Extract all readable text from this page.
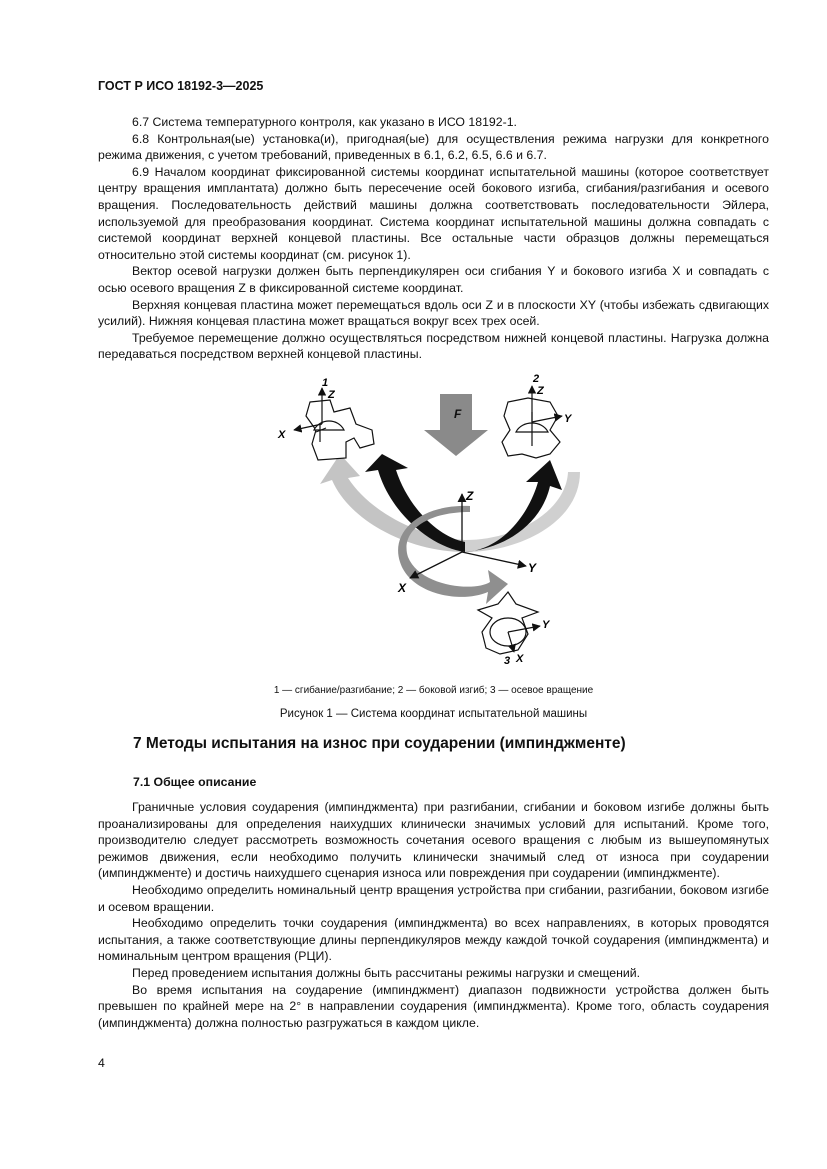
ГОСТ Р ИСО 18192-3—2025

6.7 Система температурного контроля, как указано в ИСО 18192-1.

6.8 Контрольная(ые) установка(и), пригодная(ые) для осуществления режима нагрузки для конкретного режима движения, с учетом требований, приведенных в 6.1, 6.2, 6.5, 6.6 и 6.7.

6.9 Началом координат фиксированной системы координат испытательной машины (которое соответствует центру вращения имплантата) должно быть пересечение осей бокового изгиба, сгибания/разгибания и осевого вращения. Последовательность действий машины должна соответствовать последовательности Эйлера, используемой для преобразования координат. Система координат испытательной машины должна совпадать с системой координат верхней концевой пластины. Все остальные части образцов должны перемещаться относительно этой системы координат (см. рисунок 1).

Вектор осевой нагрузки должен быть перпендикулярен оси сгибания Y и бокового изгиба X и совпадать с осью осевого вращения Z в фиксированной системе координат.

Верхняя концевая пластина может перемещаться вдоль оси Z и в плоскости XY (чтобы избежать сдвигающих усилий). Нижняя концевая пластина может вращаться вокруг всех трех осей.

Требуемое перемещение должно осуществляться посредством нижней концевой пластины. Нагрузка должна передаваться посредством верхней концевой пластины.

F
Z
Y
X
1
Z
X
2
Z
Y
Y
X
3
1 — сгибание/разгибание; 2 — боковой изгиб; 3 — осевое вращение
Рисунок 1 — Система координат испытательной машины
7 Методы испытания на износ при соударении (импинджменте)
7.1 Общее описание

Граничные условия соударения (импинджмента) при разгибании, сгибании и боковом изгибе должны быть проанализированы для определения наихудших клинически значимых условий для испытаний. Кроме того, производителю следует рассмотреть возможность сочетания осевого вращения с любым из вышеупомянутых режимов движения, если необходимо получить клинически значимый след от износа при соударении (импинджменте) и достичь наихудшего сценария износа или повреждения при соударении (импинджменте).

Необходимо определить номинальный центр вращения устройства при сгибании, разгибании, боковом изгибе и осевом вращении.

Необходимо определить точки соударения (импинджмента) во всех направлениях, в которых проводятся испытания, а также соответствующие длины перпендикуляров между каждой точкой соударения (импинджмента) и номинальным центром вращения (РЦИ).

Перед проведением испытания должны быть рассчитаны режимы нагрузки и смещений.

Во время испытания на соударение (импинджмент) диапазон подвижности устройства должен быть превышен по крайней мере на 2° в направлении соударения (импинджмента). Кроме того, область соударения (импинджмента) должна полностью разгружаться в каждом цикле.

4
